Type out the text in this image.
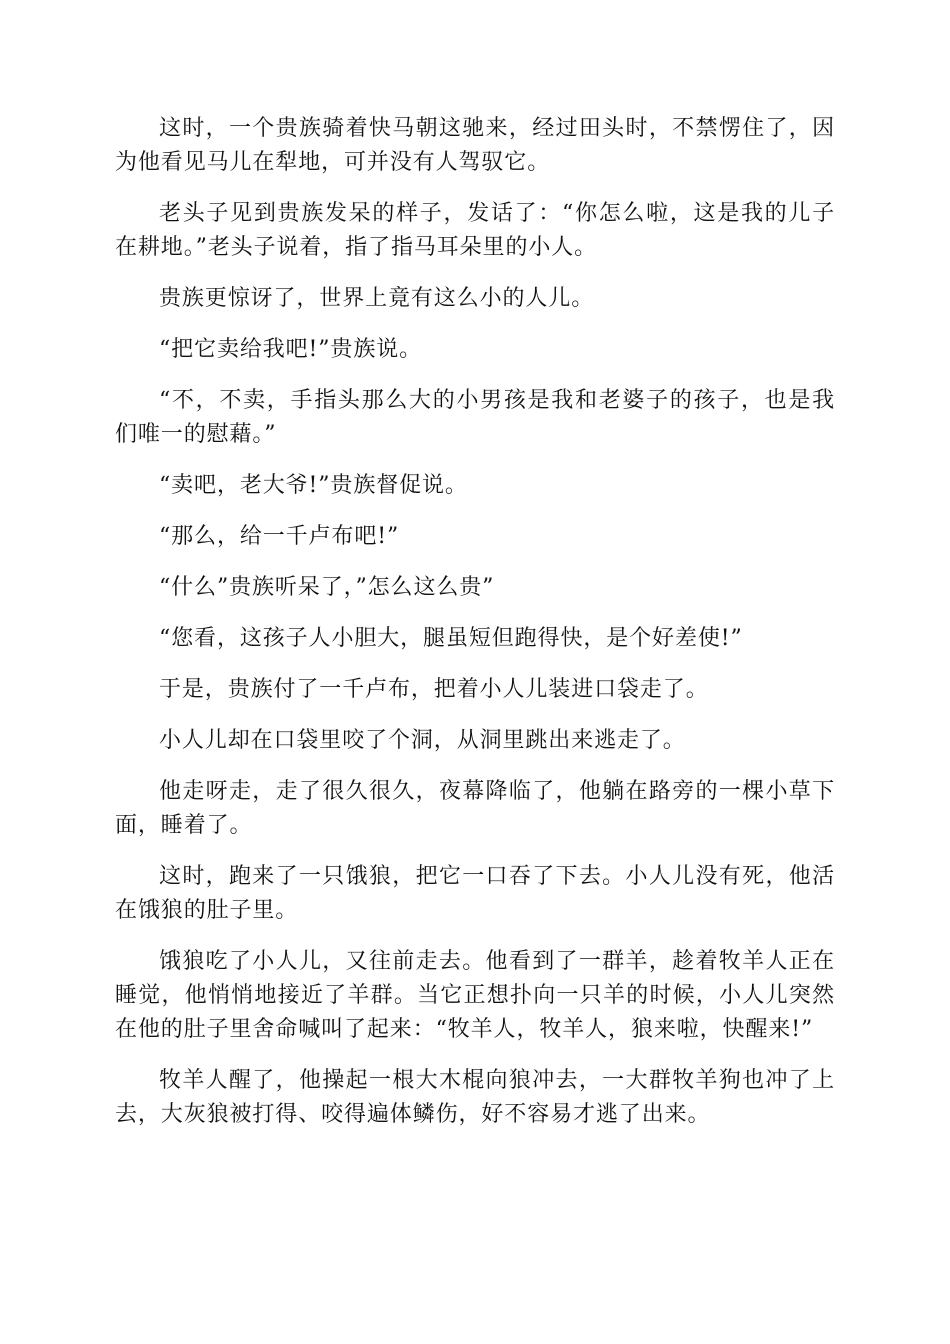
这时，一个贵族骑着快马朝这驰来，经过田头时，不禁愣住了，因为他看见马儿在犁地，可并没有人驾驭它。

老头子见到贵族发呆的样子，发话了：“你怎么啦，这是我的儿子在耕地。”老头子说着，指了指马耳朵里的小人。

贵族更惊讶了，世界上竟有这么小的人儿。

“把它卖给我吧!”贵族说。

“不，不卖，手指头那么大的小男孩是我和老婆子的孩子，也是我们唯一的慰藉。”

“卖吧，老大爷!”贵族督促说。

“那么，给一千卢布吧!”

“什么”贵族听呆了，”怎么这么贵”

“您看，这孩子人小胆大，腿虽短但跑得快，是个好差使!”

于是，贵族付了一千卢布，把着小人儿装进口袋走了。

小人儿却在口袋里咬了个洞，从洞里跳出来逃走了。

他走呀走，走了很久很久，夜幕降临了，他躺在路旁的一棵小草下面，睡着了。

这时，跑来了一只饿狼，把它一口吞了下去。小人儿没有死，他活在饿狼的肚子里。

饿狼吃了小人儿，又往前走去。他看到了一群羊，趁着牧羊人正在睡觉，他悄悄地接近了羊群。当它正想扑向一只羊的时候，小人儿突然在他的肚子里舍命喊叫了起来：“牧羊人，牧羊人，狼来啦，快醒来!”

牧羊人醒了，他操起一根大木棍向狼冲去，一大群牧羊狗也冲了上去，大灰狼被打得、咬得遍体鳞伤，好不容易才逃了出来。
